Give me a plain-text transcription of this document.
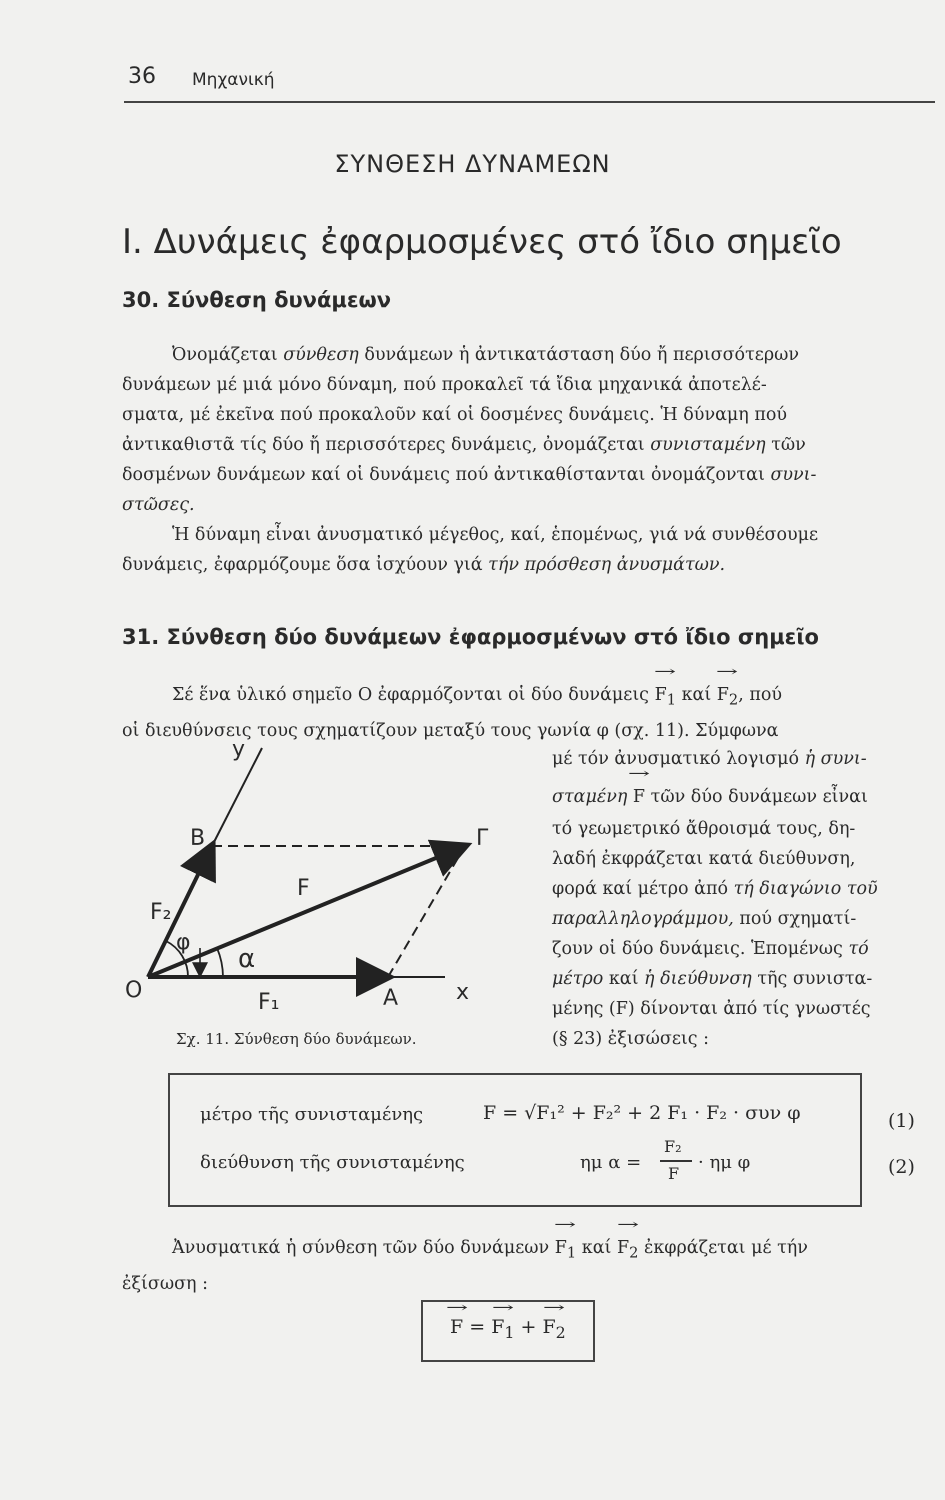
36 Μηχανική
ΣΥΝΘΕΣΗ ΔΥΝΑΜΕΩΝ
I. Δυνάμεις ἐφαρμοσμένες στό ἴδιο σημεῖο
30. Σύνθεση δυνάμεων
Ὀνομάζεται σύνθεση δυνάμεων ἡ ἀντικατάσταση δύο ἤ περισσότερων
δυνάμεων μέ μιά μόνο δύναμη, πού προκαλεῖ τά ἴδια μηχανικά ἀποτελέ-
σματα, μέ ἐκεῖνα πού προκαλοῦν καί οἱ δοσμένες δυνάμεις. Ἡ δύναμη πού
ἀντικαθιστᾶ τίς δύο ἤ περισσότερες δυνάμεις, ὀνομάζεται συνισταμένη τῶν
δοσμένων δυνάμεων καί οἱ δυνάμεις πού ἀντικαθίστανται ὀνομάζονται συνι-
στῶσες.
Ἡ δύναμη εἶναι ἀνυσματικό μέγεθος, καί, ἑπομένως, γιά νά συνθέσουμε
δυνάμεις, ἐφαρμόζουμε ὅσα ἰσχύουν γιά τήν πρόσθεση ἀνυσμάτων.
31. Σύνθεση δύο δυνάμεων ἐφαρμοσμένων στό ἴδιο σημεῖο
Σέ ἕνα ὑλικό σημεῖο Ο ἐφαρμόζονται οἱ δύο $\delta\upsilon\nu ά\mu\varepsilon\iota\varsigma \to F_1$ $\kappa\alpha ί \to F_2$, πού
οἱ διευθύνσεις τους σχηματίζουν μεταξύ τους γωνία φ (σχ. 11). Σύμφωνα
μέ τόν ἀνυσματικό λογισμό ἡ συνι-
σταμένη → F τῶν δύο δυνάμεων εἶναι
τό γεωμετρικό ἄθροισμά τους, δη-
λαδή ἐκφράζεται κατά διεύθυνση,
φορά καί μέτρο ἀπό τή διαγώνιο τοῦ
παραλληλογράμμου, πού σχηματί-
ζουν οἱ δύο δυνάμεις. Ἑπομένως τό
μέτρο καί ἡ διεύθυνση τῆς συνιστα-
μένης (F) δίνονται ἀπό τίς γνωστές
(§ 23) ἐξισώσεις :
y
Β	Γ
F
F₂
φ
α
Ο	F₁	Α	x
Σχ. 11. Σύνθεση δύο δυνάμεων.
μέτρο τῆς συνισταμένης	F = √F₁² + F₂² + 2 F₁ · F₂ · συν φ	(1)
διεύθυνση τῆς συνισταμένης	ημ α =
F₂
F
· ημ φ	(2)
Ἀνυσματικά ἡ σύνθεση τῶν δύο $\delta\upsilon\nu ά\mu\varepsilon\omega\nu \to F_1$ $\kappa\alpha ί \to F_2$ ἐκφράζεται μέ τήν
ἐξίσωση :
→ F = → $F_1$ + → $F_2$
